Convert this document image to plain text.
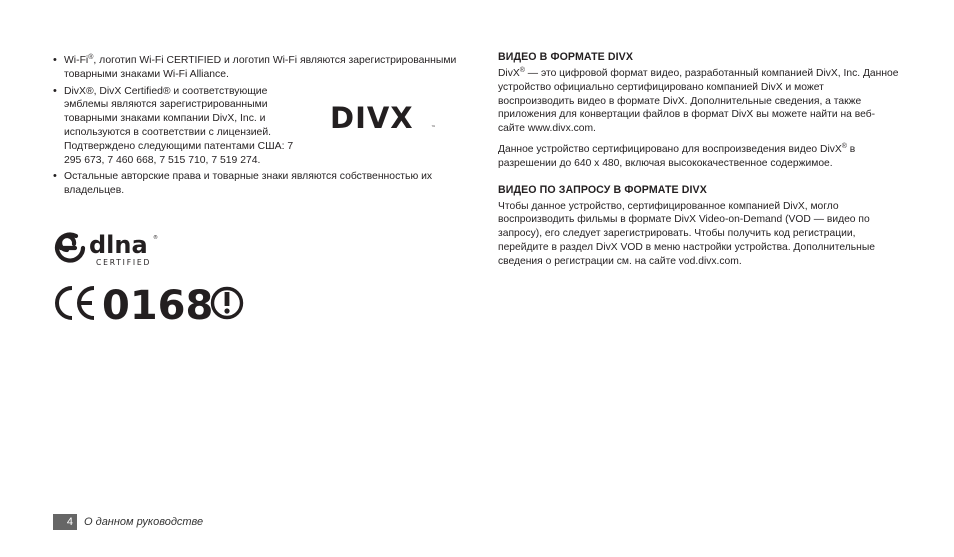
• Wi-Fi®, логотип Wi-Fi CERTIFIED и логотип Wi-Fi являются зарегистрированными товарными знаками Wi-Fi Alliance.
• DivX®, DivX Certified® и соответствующие эмблемы являются зарегистрированными товарными знаками компании DivX, Inc. и используются в соответствии с лицензией. Подтверждено следующими патентами США: 7 295 673, 7 460 668, 7 515 710, 7 519 274.
• Остальные авторские права и товарные знаки являются собственностью их владельцев.
DIVX	™
dlna ®
CERTIFIED
0168
ВИДЕО В ФОРМАТЕ DIVX

DivX® — это цифровой формат видео, разработанный компанией DivX, Inc. Данное устройство официально сертифицировано компанией DivX и может воспроизводить видео в формате DivX. Дополнительные сведения, а также приложения для конвертации файлов в формат DivX вы можете найти на веб-сайте www.divx.com.

Данное устройство сертифицировано для воспроизведения видео DivX® в разрешении до 640 x 480, включая высококачественное содержимое.

ВИДЕО ПО ЗАПРОСУ В ФОРМАТЕ DIVX

Чтобы данное устройство, сертифицированное компанией DivX, могло воспроизводить фильмы в формате DivX Video-on-Demand (VOD — видео по запросу), его следует зарегистрировать. Чтобы получить код регистрации, перейдите в раздел DivX VOD в меню настройки устройства. Дополнительные сведения о регистрации см. на сайте vod.divx.com.

4	О данном руководстве
